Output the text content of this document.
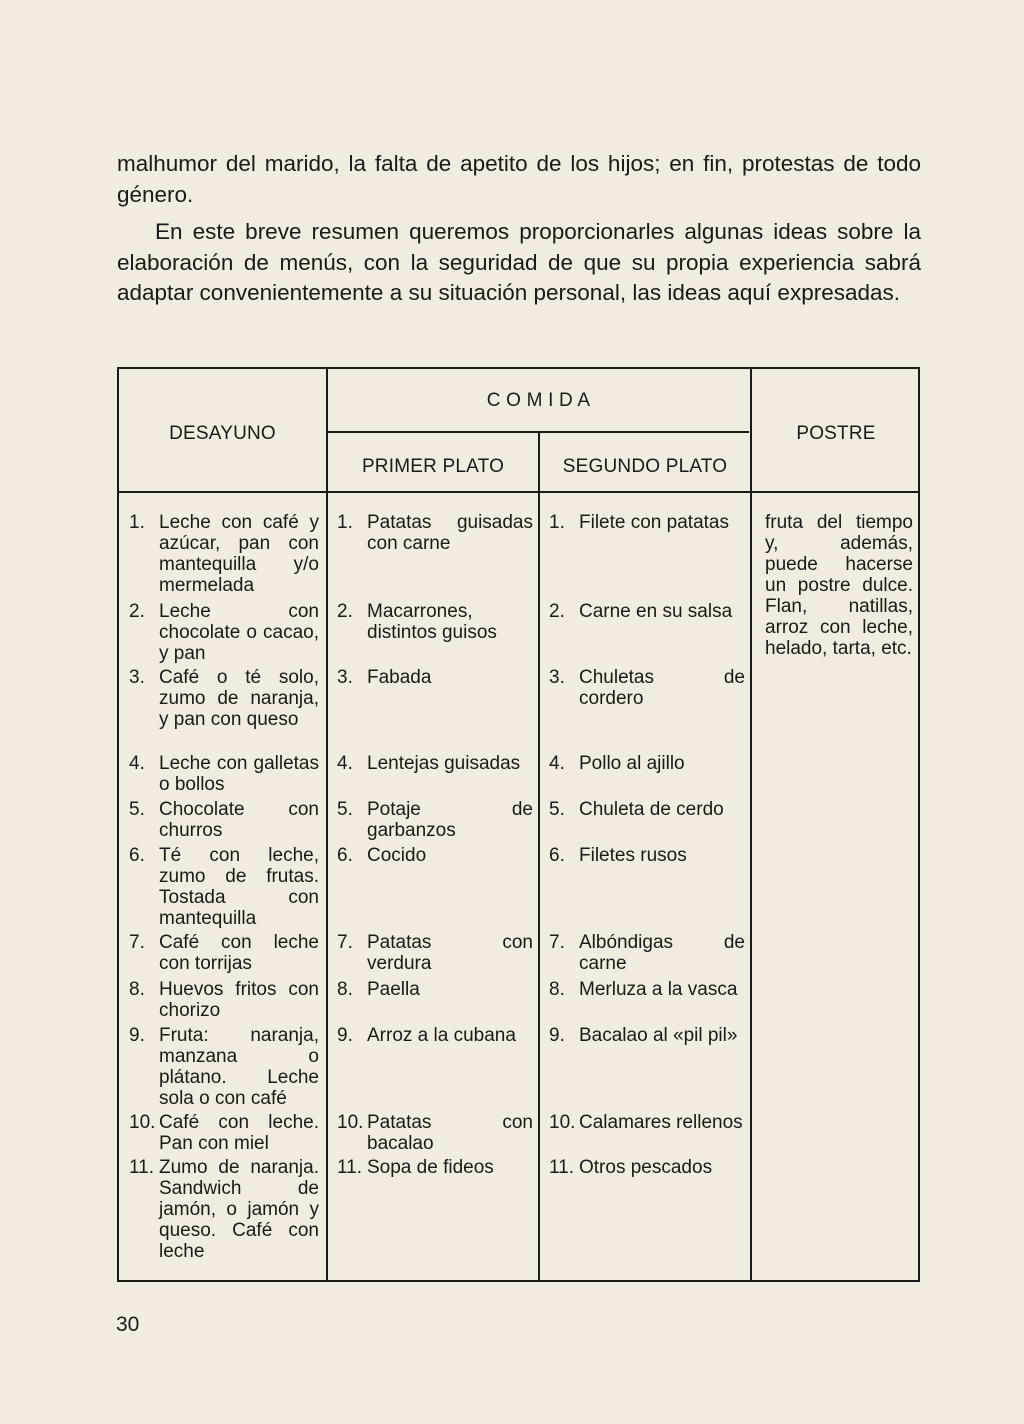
malhumor del marido, la falta de apetito de los hijos; en fin, protestas de todo género.

En este breve resumen queremos proporcionarles algunas ideas sobre la elaboración de menús, con la seguridad de que su propia experiencia sabrá adaptar convenientemente a su situación personal, las ideas aquí expresadas.

DESAYUNO
C O M I D A
PRIMER PLATO	SEGUNDO PLATO
POSTRE
1. Leche con café y azúcar, pan con mantequilla y/o mermelada
2. Leche con chocolate o cacao, y pan
3. Café o té solo, zumo de naranja, y pan con queso
4. Leche con galletas o bollos
5. Chocolate con churros
6. Té con leche, zumo de frutas. Tostada con mantequilla
7. Café con leche con torrijas
8. Huevos fritos con chorizo
9. Fruta: naranja, manzana o plátano. Leche sola o con café
10. Café con leche. Pan con miel
11. Zumo de naranja. Sandwich de jamón, o jamón y queso. Café con leche
1. Patatas guisadas con carne
2. Macarrones, distintos guisos
3. Fabada
4. Lentejas guisadas
5. Potaje de garbanzos
6. Cocido
7. Patatas con verdura
8. Paella
9. Arroz a la cubana
10. Patatas con bacalao
11. Sopa de fideos
1. Filete con patatas
2. Carne en su salsa
3. Chuletas de cordero
4. Pollo al ajillo
5. Chuleta de cerdo
6. Filetes rusos
7. Albóndigas de carne
8. Merluza a la vasca
9. Bacalao al «pil pil»
10. Calamares rellenos
11. Otros pescados

fruta del tiempo y, además, puede hacerse un postre dulce. Flan, natillas, arroz con leche, helado, tarta, etc.

30
